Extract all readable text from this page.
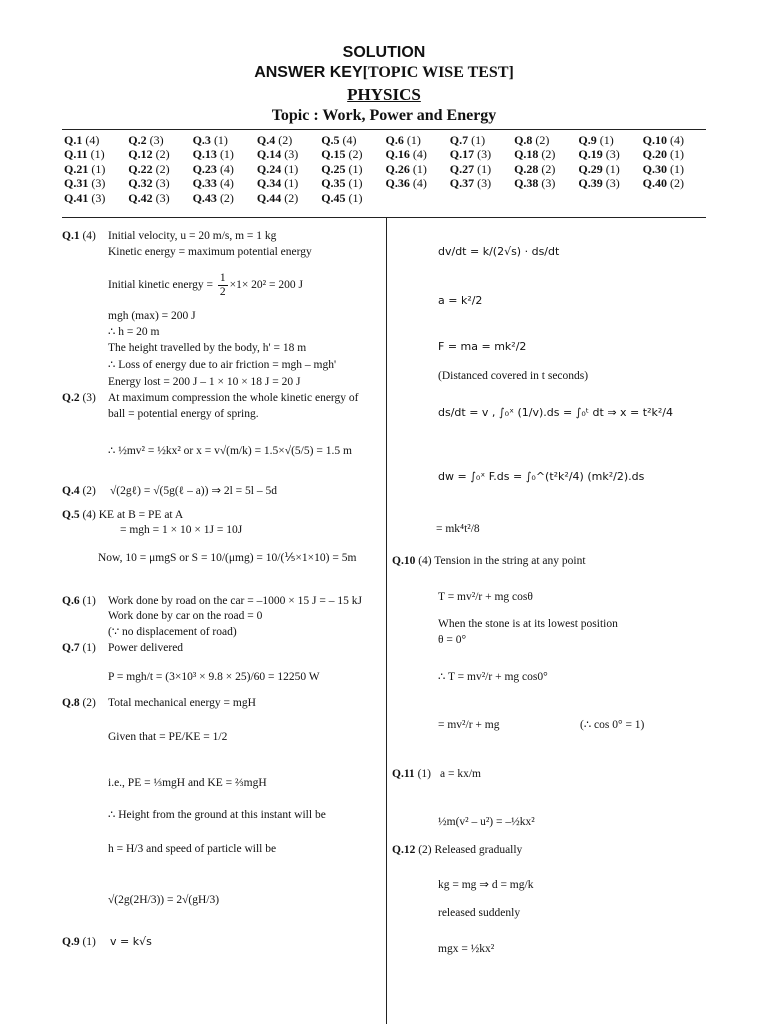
SOLUTION
ANSWER KEY[TOPIC WISE TEST]
PHYSICS
Topic : Work, Power and Energy
Q.1 (4)	Q.2 (3)	Q.3 (1)	Q.4 (2)	Q.5 (4)	Q.6 (1)	Q.7 (1)	Q.8 (2)	Q.9 (1)	Q.10 (4)
Q.11 (1)	Q.12 (2)	Q.13 (1)	Q.14 (3)	Q.15 (2)	Q.16 (4)	Q.17 (3)	Q.18 (2)	Q.19 (3)	Q.20 (1)
Q.21 (1)	Q.22 (2)	Q.23 (4)	Q.24 (1)	Q.25 (1)	Q.26 (1)	Q.27 (1)	Q.28 (2)	Q.29 (1)	Q.30 (1)
Q.31 (3)	Q.32 (3)	Q.33 (4)	Q.34 (1)	Q.35 (1)	Q.36 (4)	Q.37 (3)	Q.38 (3)	Q.39 (3)	Q.40 (2)
Q.41 (3)	Q.42 (3)	Q.43 (2)	Q.44 (2)	Q.45 (1)
Q.1 (4) Initial velocity, u = 20 m/s, m = 1 kg
Kinetic energy = maximum potential energy
Initial kinetic energy = $\frac{1}{2} \times 1\times 20^2 = 200$ J
mgh (max) = 200 J
∴ h = 20 m
The height travelled by the body, h' = 18 m
∴ Loss of energy due to air friction = mgh – mgh'
Energy lost = 200 J – 1 × 10 × 18 J = 20 J
Q.2 (3) At maximum compression the whole kinetic energy of
ball = potential energy of spring.
∴ ½mv² = ½kx² or x = v√(m/k) = 1.5×√(5/5) = 1.5 m
Q.4 (2) √(2gℓ) = √(5g(ℓ – a)) ⇒ 2l = 5l – 5d
Q.5 (4) KE at B = PE at A
= mgh = 1 × 10 × 1J = 10J
Now, 10 = μmgS or S = 10/(μmg) = 10/(⅕×1×10) = 5m
Q.6 (1) Work done by road on the car = –1000 × 15 J = – 15 kJ
Work done by car on the road = 0
(∵ no displacement of road)
Q.7 (1) Power delivered
P = mgh/t = (3×10³ × 9.8 × 25)/60 = 12250 W
Q.8 (2) Total mechanical energy = mgH
Given that = PE/KE = 1/2
i.e., PE = ⅓mgH and KE = ⅔mgH
∴ Height from the ground at this instant will be
h = H/3 and speed of particle will be
√(2g(2H/3)) = 2√(gH/3)
Q.9 (1) v = k√s
dv/dt = k/(2√s) · ds/dt
a = k²/2
F = ma = mk²/2
(Distanced covered in t seconds)
ds/dt = v , ∫₀ˣ (1/v).ds = ∫₀ᵗ dt ⇒ x = t²k²/4
dw = ∫₀ˣ F.ds = ∫₀^(t²k²/4) (mk²/2).ds
= mk⁴t²/8
Q.10 (4) Tension in the string at any point
T = mv²/r + mg cosθ
When the stone is at its lowest position
θ = 0°
∴ T = mv²/r + mg cos0°
= mv²/r + mg	(∴ cos 0° = 1)
Q.11 (1) a = kx/m
½m(v² – u²) = –½kx²
Q.12 (2) Released gradually
kg = mg ⇒ d = mg/k
released suddenly
mgx = ½kx²
